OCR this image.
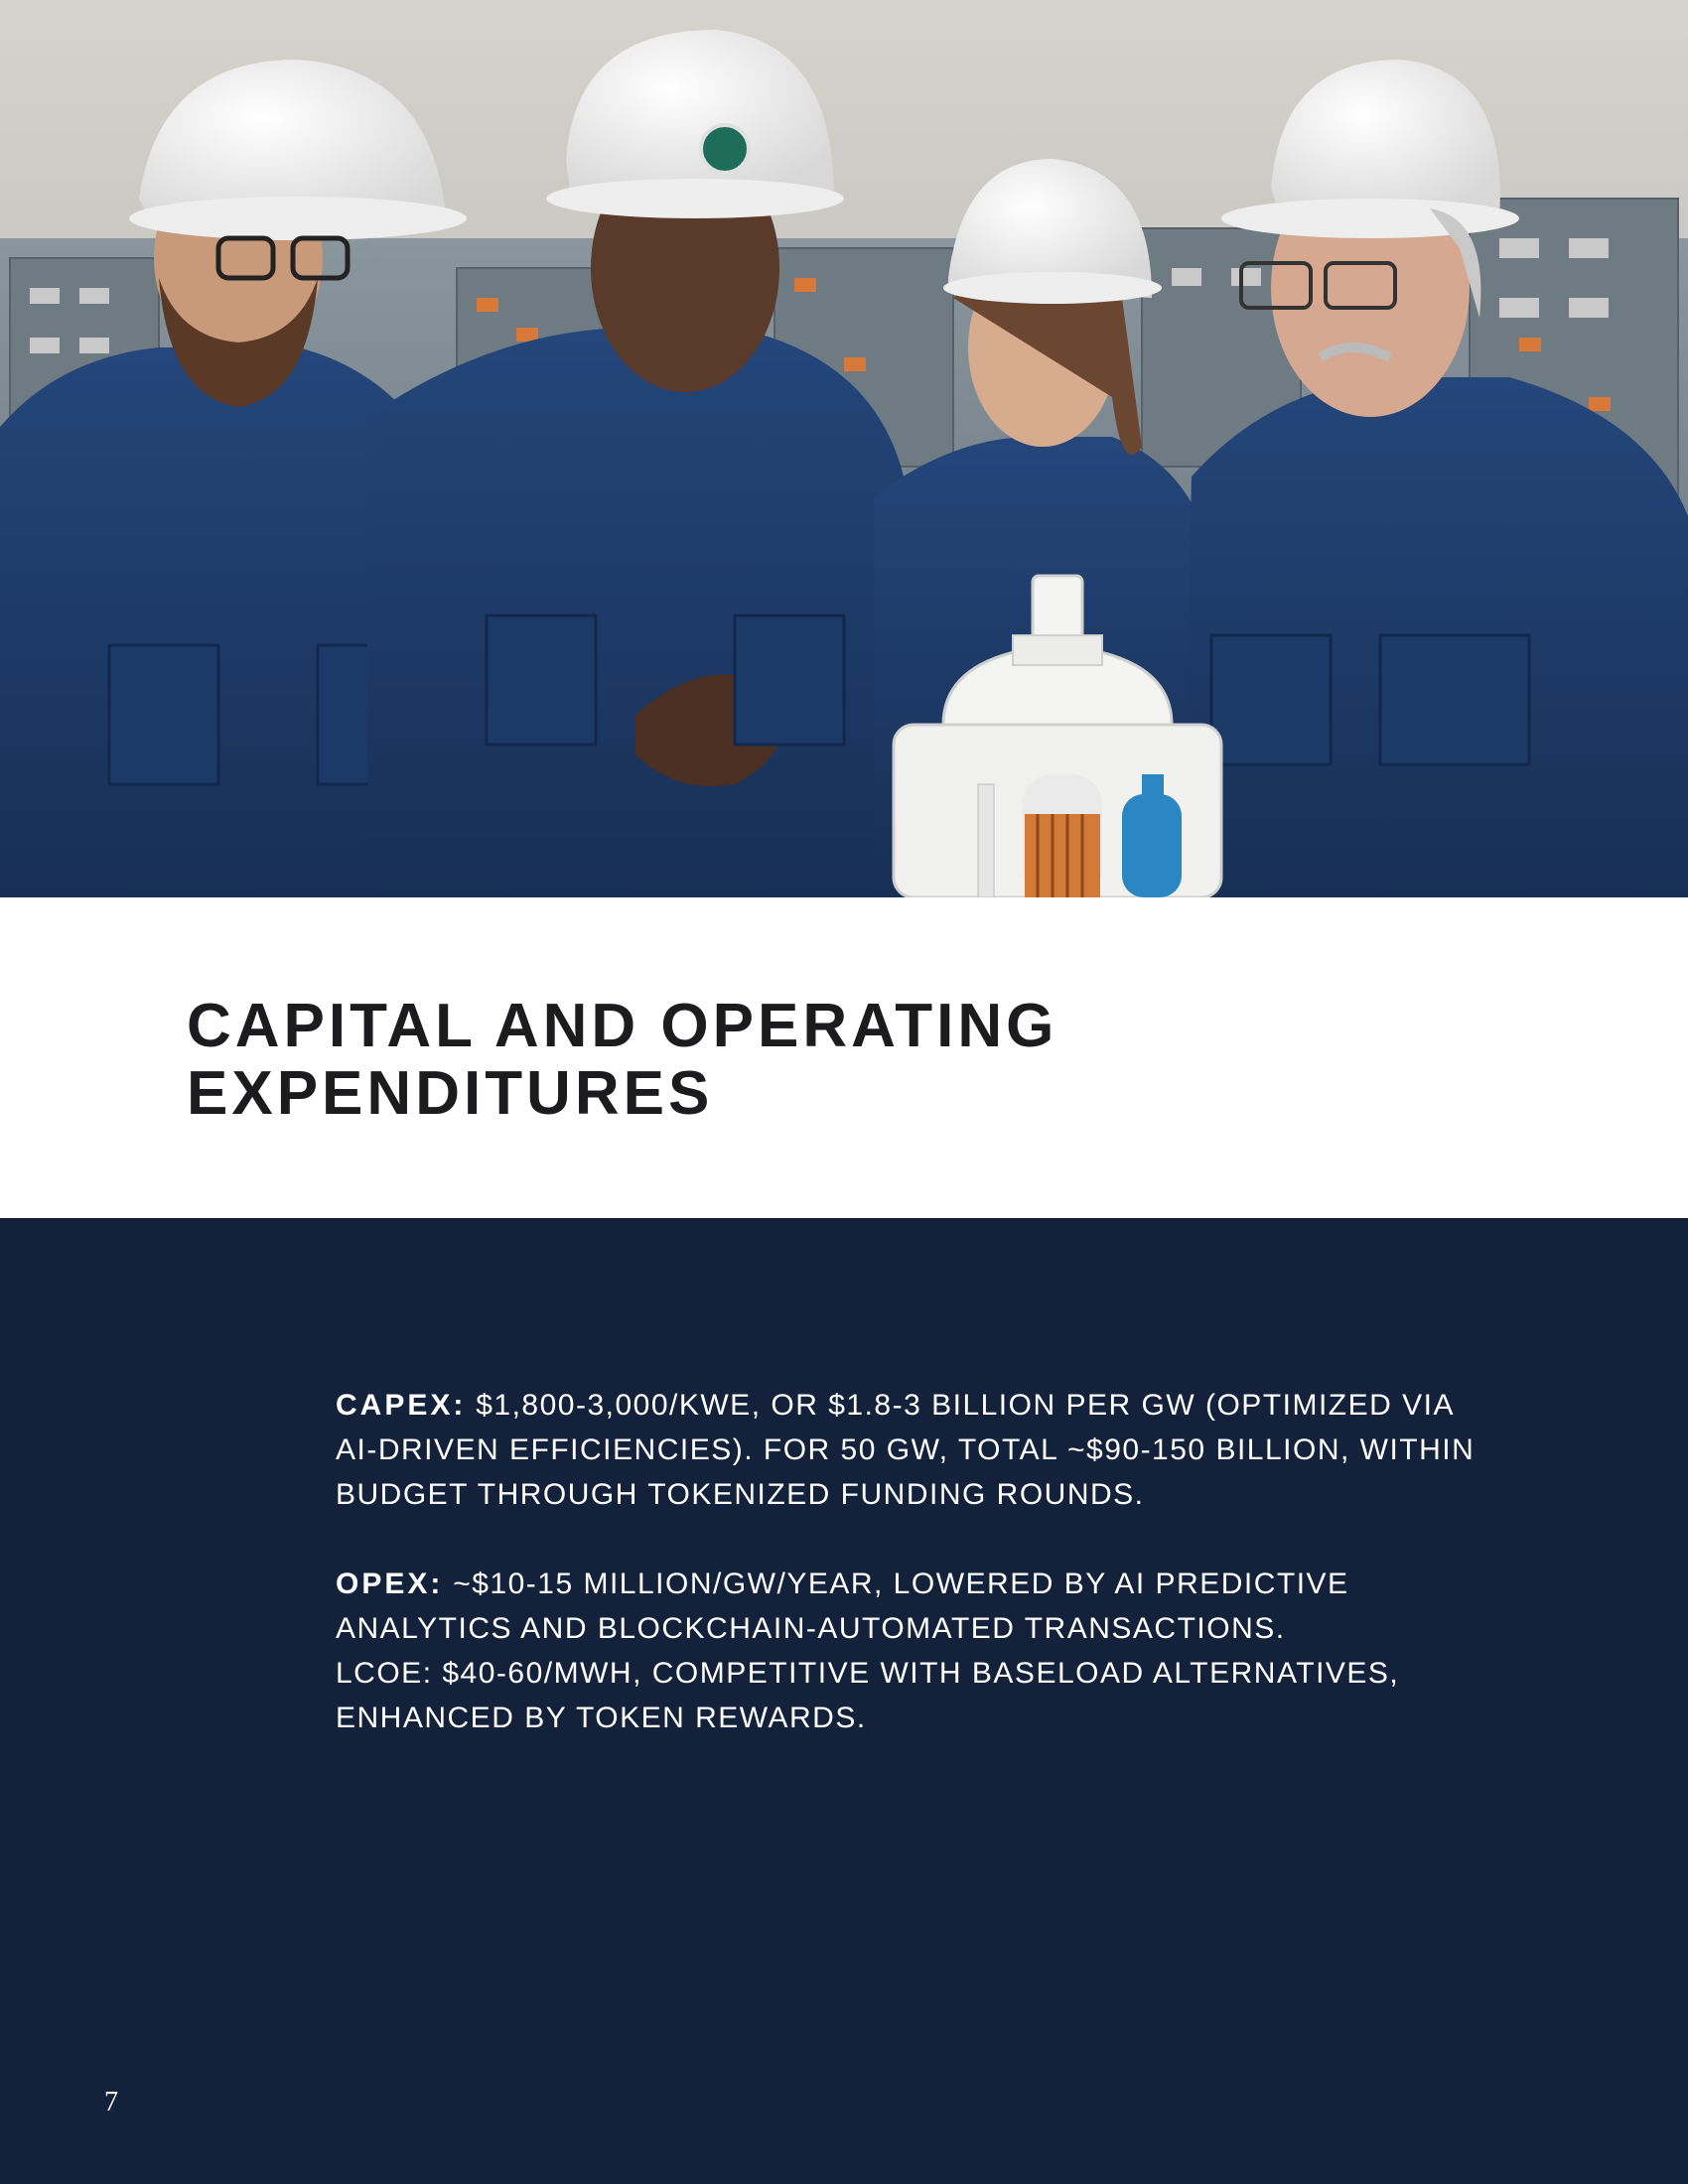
CAPITAL AND OPERATING
EXPENDITURES

CAPEX: $1,800-3,000/KWE, OR $1.8-3 BILLION PER GW (OPTIMIZED VIA
AI-DRIVEN EFFICIENCIES). FOR 50 GW, TOTAL ~$90-150 BILLION, WITHIN
BUDGET THROUGH TOKENIZED FUNDING ROUNDS.

OPEX: ~$10-15 MILLION/GW/YEAR, LOWERED BY AI PREDICTIVE
ANALYTICS AND BLOCKCHAIN-AUTOMATED TRANSACTIONS.
LCOE: $40-60/MWH, COMPETITIVE WITH BASELOAD ALTERNATIVES,
ENHANCED BY TOKEN REWARDS.

7
